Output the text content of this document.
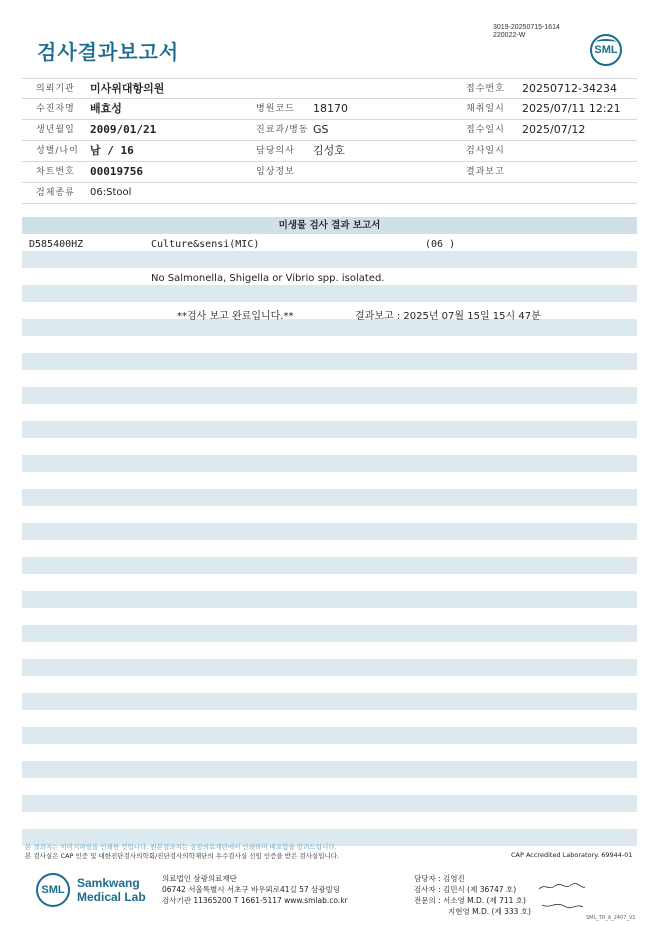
3019-20250715-1614
220022-W
검사결과보고서	SML
의뢰기관 미사위대항의원	접수번호 20250712-34234
수진자명 배효성	병원코드 18170	채취일시 2025/07/11 12:21
생년월일 2009/01/21	진료과/병동 GS	접수일시 2025/07/12
성별/나이 남 / 16	담당의사 김성호	검사일시
차트번호 00019756	임상정보	결과보고
검체종류 06:Stool
미생물 검사 결과 보고서
D585400HZ	Culture&sensi(MIC)	(06 )
No Salmonella, Shigella or Vibrio spp. isolated.
**검사 보고 완료입니다.**	결과보고 : 2025년 07월 15일 15시 47분
본 결과지는 이미지파일을 인쇄한 것입니다. 원본결과지는 삼광의료재단에서 인쇄하여 배포함을 알려드립니다.
본 검사실은 CAP 인증 및 대한진단검사의학회/진단검사의학재단의 우수검사실 신임 인증을 받은 검사실입니다.	CAP Accredited Laboratory. 69944-01
SML Samkwang
Medical Lab
의료법인 삼광의료재단
06742 서울특별시 서초구 바우뫼로41길 57 삼광빌딩
검사기관 11365200 T 1661-5117 www.smlab.co.kr
담당자 : 김영진
검사자 : 김민식 (제 36747 호)
전문의 : 서소영 M.D. (제 711 호)
지현영 M.D. (제 333 호)
SML_TR_A_2407_V1
